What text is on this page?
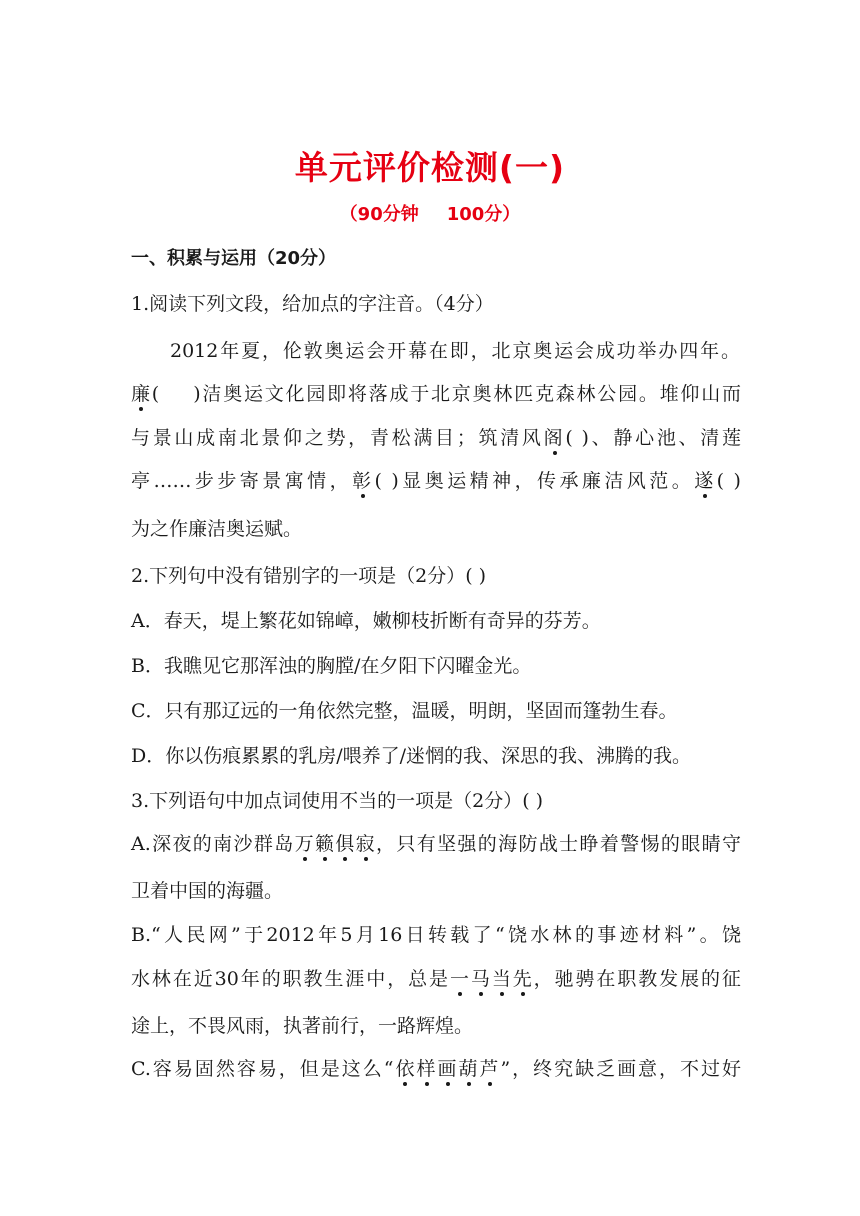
单元评价检测(一)
（90分钟 100分）
一、积累与运用（20分）
1.阅读下列文段，给加点的字注音。（4分）
2012年夏，伦敦奥运会开幕在即，北京奥运会成功举办四年。
廉( )洁奥运文化园即将落成于北京奥林匹克森林公园。堆仰山而
与景山成南北景仰之势，青松满目；筑清风阁( )、静心池、清莲
亭……步步寄景寓情，彰( )显奥运精神，传承廉洁风范。遂( )
为之作廉洁奥运赋。
2.下列句中没有错别字的一项是（2分）( )
A．春天，堤上繁花如锦嶂，嫩柳枝折断有奇异的芬芳。
B．我瞧见它那浑浊的胸膛/在夕阳下闪曜金光。
C．只有那辽远的一角依然完整，温暖，明朗，坚固而篷勃生春。
D．你以伤痕累累的乳房/喂养了/迷惘的我、深思的我、沸腾的我。
3.下列语句中加点词使用不当的一项是（2分）( )
A.深夜的南沙群岛万籁俱寂，只有坚强的海防战士睁着警惕的眼睛守
卫着中国的海疆。
B.“人民网”于2012年5月16日转载了“饶水林的事迹材料”。饶
水林在近30年的职教生涯中，总是一马当先，驰骋在职教发展的征
途上，不畏风雨，执著前行，一路辉煌。
C.容易固然容易，但是这么“依样画葫芦”，终究缺乏画意，不过好
